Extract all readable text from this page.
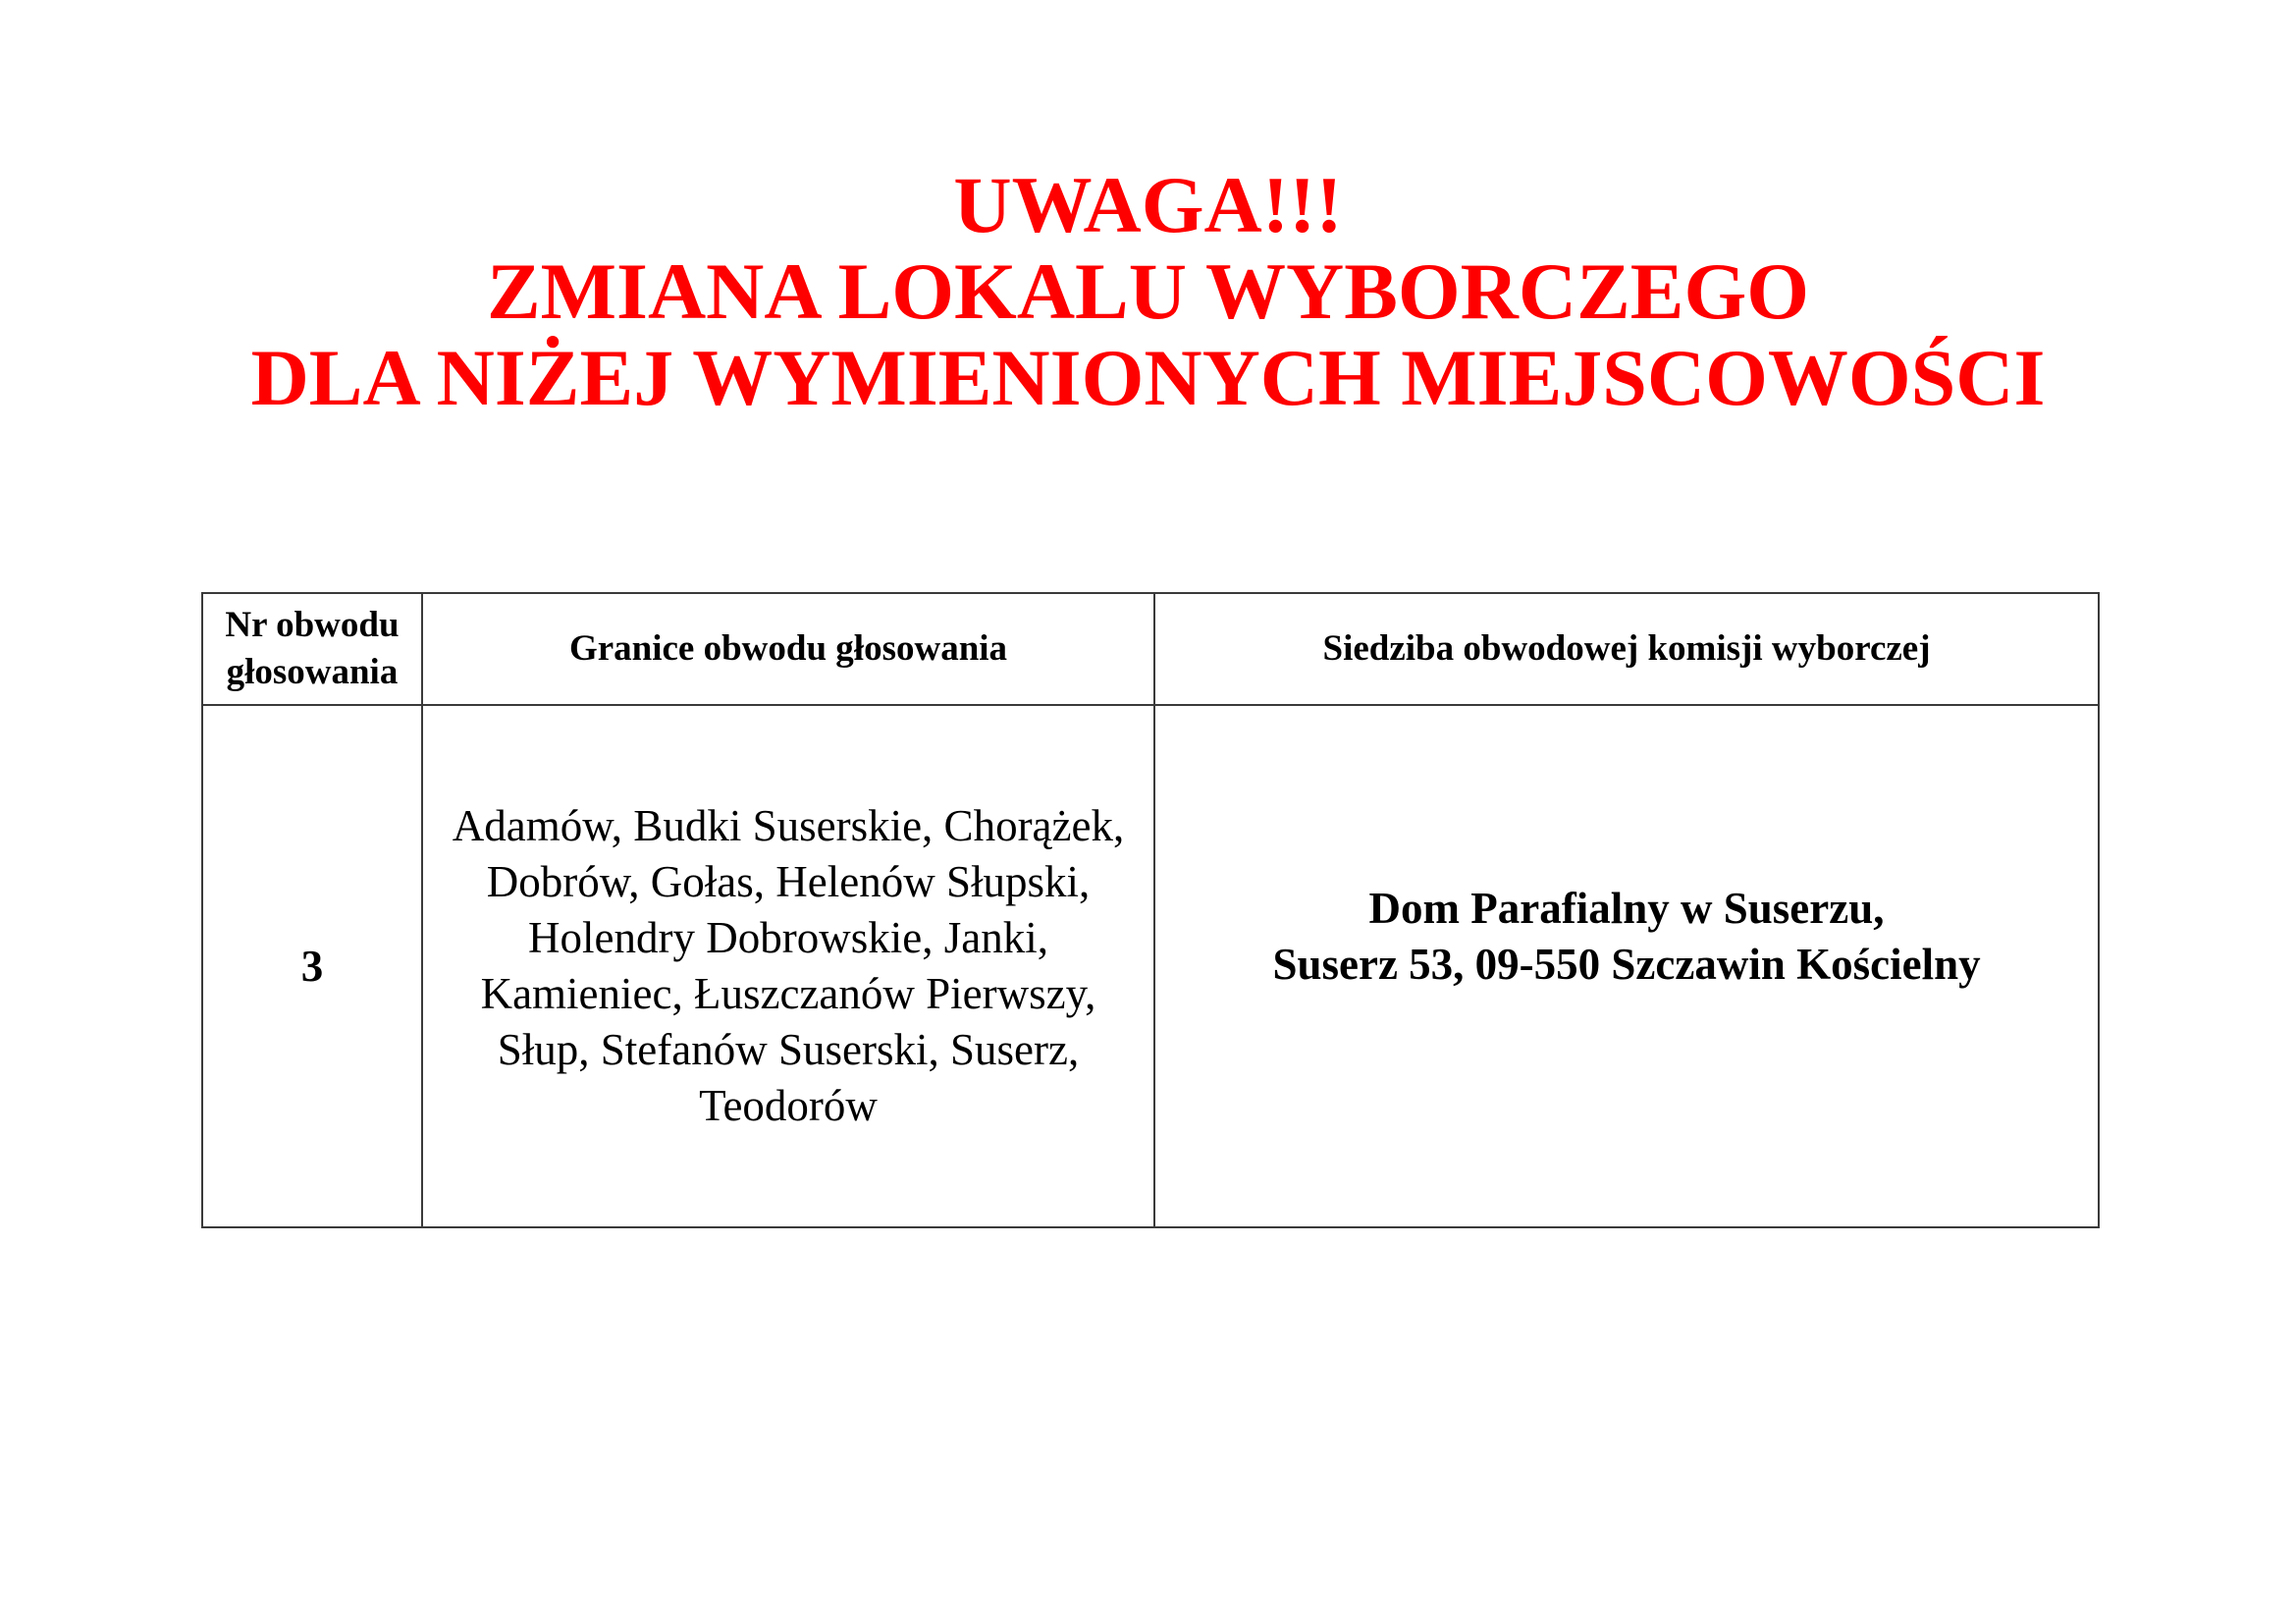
UWAGA!!!
ZMIANA LOKALU WYBORCZEGO
DLA NIŻEJ WYMIENIONYCH MIEJSCOWOŚCI
Nr obwodu głosowania	Granice obwodu głosowania	Siedziba obwodowej komisji wyborczej
3	Adamów, Budki Suserskie, Chorążek, Dobrów, Gołas, Helenów Słupski, Holendry Dobrowskie, Janki, Kamieniec, Łuszczanów Pierwszy, Słup, Stefanów Suserski, Suserz, Teodorów	Dom Parafialny w Suserzu,
Suserz 53, 09-550 Szczawin Kościelny
